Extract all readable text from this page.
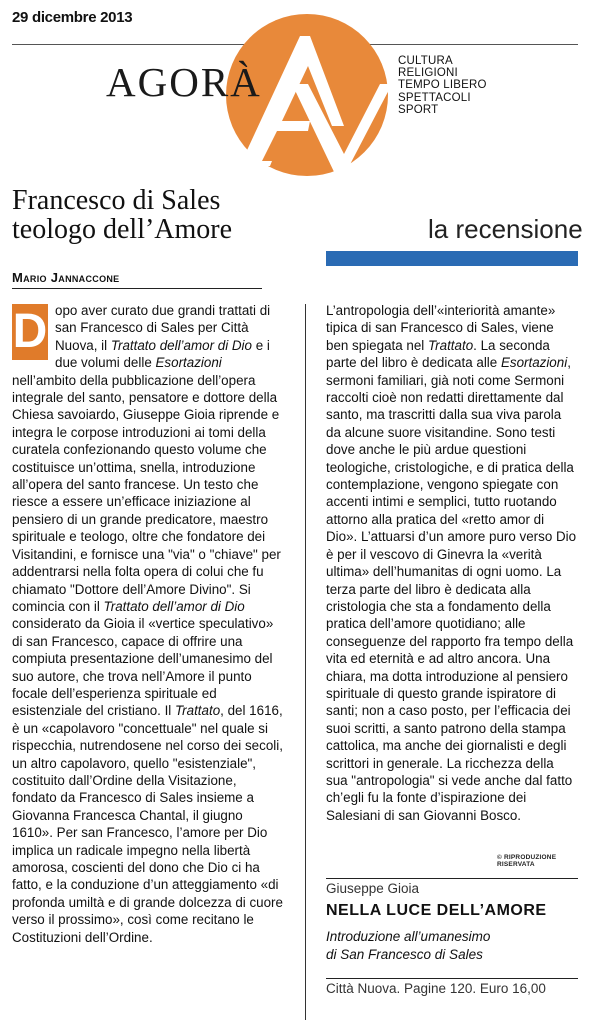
29 dicembre 2013
AGORÀ	CULTURA
RELIGIONI
TEMPO LIBERO
SPETTACOLI
SPORT
Francesco di Sales
teologo dell’Amore	la recensione
Mario Jannaccone
D opo aver curato due grandi trattati di san Francesco di Sales per Città Nuova, il Trattato dell’amor di Dio e i due volumi delle Esortazioni nell’ambito della pubblicazione dell’opera integrale del santo, pensatore e dottore della Chiesa savoiardo, Giuseppe Gioia riprende e integra le corpose introduzioni ai tomi della curatela confezionando questo volume che costituisce un’ottima, snella, introduzione all’opera del santo francese. Un testo che riesce a essere un’efficace iniziazione al pensiero di un grande predicatore, maestro spirituale e teologo, oltre che fondatore dei Visitandini, e fornisce una "via" o "chiave" per addentrarsi nella folta opera di colui che fu chiamato "Dottore dell’Amore Divino". Si comincia con il Trattato dell’amor di Dio considerato da Gioia il «vertice speculativo» di san Francesco, capace di offrire una compiuta presentazione dell’umanesimo del suo autore, che trova nell’Amore il punto focale dell’esperienza spirituale ed esistenziale del cristiano. Il Trattato, del 1616, è un «capolavoro "concettuale" nel quale si rispecchia, nutrendosene nel corso dei secoli, un altro capolavoro, quello "esistenziale", costituito dall’Ordine della Visitazione, fondato da Francesco di Sales insieme a Giovanna Francesca Chantal, il giugno 1610». Per san Francesco, l’amore per Dio implica un radicale impegno nella libertà amorosa, coscienti del dono che Dio ci ha fatto, e la conduzione d’un atteggiamento «di profonda umiltà e di grande dolcezza di cuore verso il prossimo», così come recitano le Costituzioni dell’Ordine.

L’antropologia dell’«interiorità amante» tipica di san Francesco di Sales, viene ben spiegata nel Trattato. La seconda parte del libro è dedicata alle Esortazioni, sermoni familiari, già noti come Sermoni raccolti cioè non redatti direttamente dal santo, ma trascritti dalla sua viva parola da alcune suore visitandine. Sono testi dove anche le più ardue questioni teologiche, cristologiche, e di pratica della contemplazione, vengono spiegate con accenti intimi e semplici, tutto ruotando attorno alla pratica del «retto amor di Dio». L’attuarsi d’un amore puro verso Dio è per il vescovo di Ginevra la «verità ultima» dell’humanitas di ogni uomo. La terza parte del libro è dedicata alla cristologia che sta a fondamento della pratica dell’amore quotidiano; alle conseguenze del rapporto fra tempo della vita ed eternità e ad altro ancora. Una chiara, ma dotta introduzione al pensiero spirituale di questo grande ispiratore di santi; non a caso posto, per l’efficacia dei suoi scritti, a santo patrono della stampa cattolica, ma anche dei giornalisti e degli scrittori in generale. La ricchezza della sua "antropologia" si vede anche dal fatto ch’egli fu la fonte d’ispirazione dei Salesiani di san Giovanni Bosco.

© RIPRODUZIONE RISERVATA
Giuseppe Gioia
NELLA LUCE DELL’AMORE
Introduzione all’umanesimo
di San Francesco di Sales
Città Nuova. Pagine 120. Euro 16,00
